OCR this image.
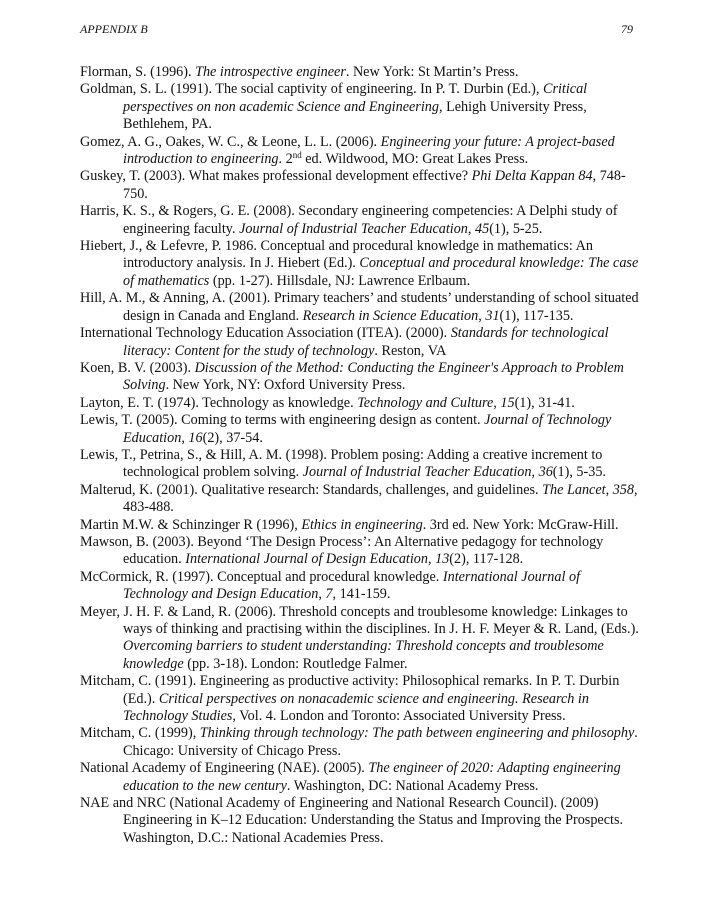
APPENDIX B	79

Florman, S. (1996). The introspective engineer. New York: St Martin’s Press.

Goldman, S. L. (1991). The social captivity of engineering. In P. T. Durbin (Ed.), Critical perspectives on non academic Science and Engineering, Lehigh University Press, Bethlehem, PA.

Gomez, A. G., Oakes, W. C., & Leone, L. L. (2006). Engineering your future: A project-based introduction to engineering. 2nd ed. Wildwood, MO: Great Lakes Press.

Guskey, T. (2003). What makes professional development effective? Phi Delta Kappan 84, 748-750.

Harris, K. S., & Rogers, G. E. (2008). Secondary engineering competencies: A Delphi study of engineering faculty. Journal of Industrial Teacher Education, 45(1), 5-25.

Hiebert, J., & Lefevre, P. 1986. Conceptual and procedural knowledge in mathematics: An introductory analysis. In J. Hiebert (Ed.). Conceptual and procedural knowledge: The case of mathematics (pp. 1-27). Hillsdale, NJ: Lawrence Erlbaum.

Hill, A. M., & Anning, A. (2001). Primary teachers’ and students’ understanding of school situated design in Canada and England. Research in Science Education, 31(1), 117-135.

International Technology Education Association (ITEA). (2000). Standards for technological literacy: Content for the study of technology. Reston, VA

Koen, B. V. (2003). Discussion of the Method: Conducting the Engineer's Approach to Problem Solving. New York, NY: Oxford University Press.

Layton, E. T. (1974). Technology as knowledge. Technology and Culture, 15(1), 31-41.

Lewis, T. (2005). Coming to terms with engineering design as content. Journal of Technology Education, 16(2), 37-54.

Lewis, T., Petrina, S., & Hill, A. M. (1998). Problem posing: Adding a creative increment to technological problem solving. Journal of Industrial Teacher Education, 36(1), 5-35.

Malterud, K. (2001). Qualitative research: Standards, challenges, and guidelines. The Lancet, 358, 483-488.

Martin M.W. & Schinzinger R (1996), Ethics in engineering. 3rd ed. New York: McGraw-Hill.

Mawson, B. (2003). Beyond ‘The Design Process’: An Alternative pedagogy for technology education. International Journal of Design Education, 13(2), 117-128.

McCormick, R. (1997). Conceptual and procedural knowledge. International Journal of Technology and Design Education, 7, 141-159.

Meyer, J. H. F. & Land, R. (2006). Threshold concepts and troublesome knowledge: Linkages to ways of thinking and practising within the disciplines. In J. H. F. Meyer & R. Land, (Eds.). Overcoming barriers to student understanding: Threshold concepts and troublesome knowledge (pp. 3-18). London: Routledge Falmer.

Mitcham, C. (1991). Engineering as productive activity: Philosophical remarks. In P. T. Durbin (Ed.). Critical perspectives on nonacademic science and engineering. Research in Technology Studies, Vol. 4. London and Toronto: Associated University Press.

Mitcham, C. (1999), Thinking through technology: The path between engineering and philosophy. Chicago: University of Chicago Press.

National Academy of Engineering (NAE). (2005). The engineer of 2020: Adapting engineering education to the new century. Washington, DC: National Academy Press.

NAE and NRC (National Academy of Engineering and National Research Council). (2009) Engineering in K–12 Education: Understanding the Status and Improving the Prospects. Washington, D.C.: National Academies Press.
